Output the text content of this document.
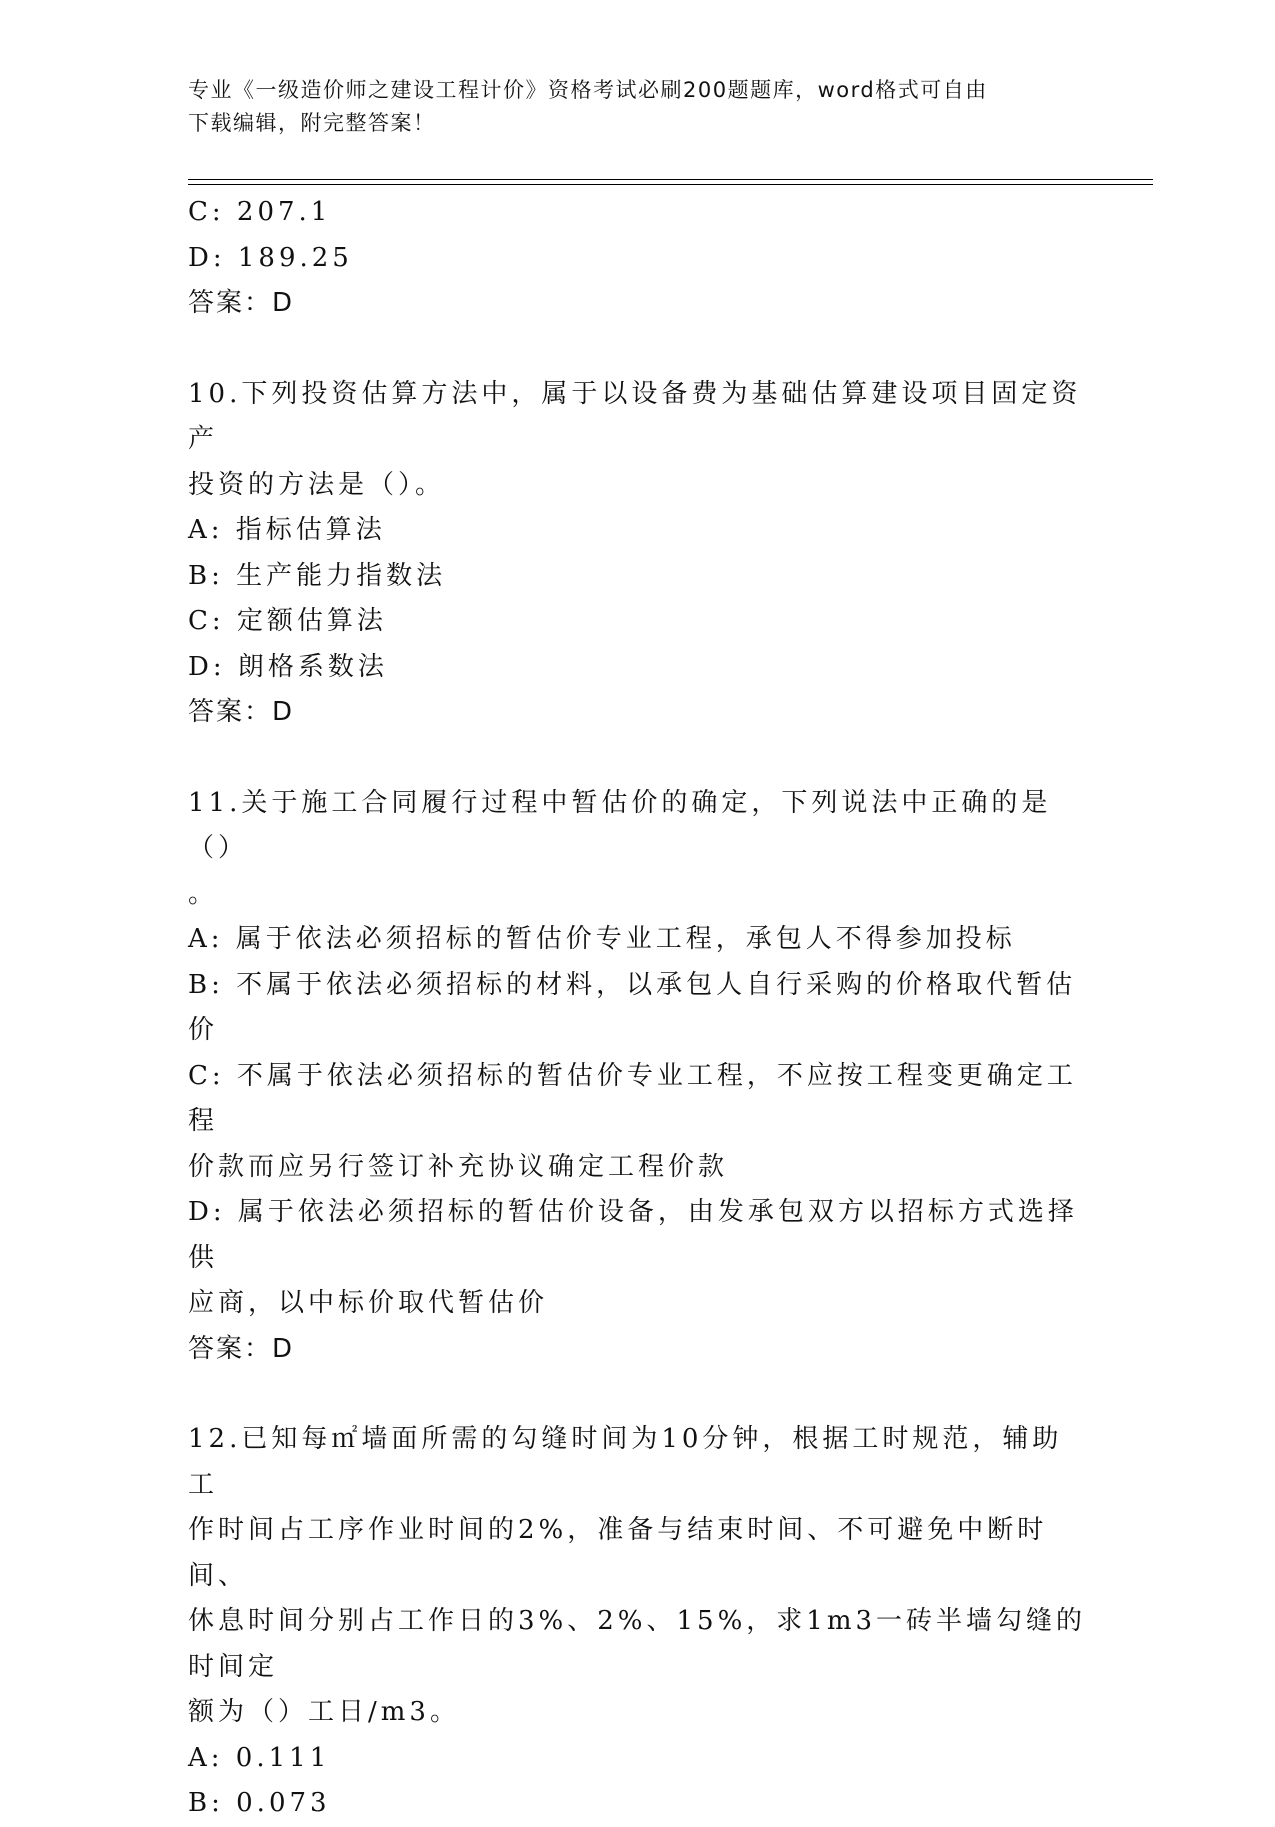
专业《一级造价师之建设工程计价》资格考试必刷200题题库，word格式可自由
下载编辑，附完整答案！
C: 207.1
D: 189.25
答案：D
10.下列投资估算方法中，属于以设备费为基础估算建设项目固定资产
投资的方法是（）。
A: 指标估算法
B: 生产能力指数法
C: 定额估算法
D: 朗格系数法
答案：D
11.关于施工合同履行过程中暂估价的确定，下列说法中正确的是（）
。
A: 属于依法必须招标的暂估价专业工程，承包人不得参加投标
B: 不属于依法必须招标的材料，以承包人自行采购的价格取代暂估价
C: 不属于依法必须招标的暂估价专业工程，不应按工程变更确定工程
价款而应另行签订补充协议确定工程价款
D: 属于依法必须招标的暂估价设备，由发承包双方以招标方式选择供
应商，以中标价取代暂估价
答案：D
12.已知每㎡墙面所需的勾缝时间为10分钟，根据工时规范，辅助工
作时间占工序作业时间的2%，准备与结束时间、不可避免中断时间、
休息时间分别占工作日的3%、2%、15%，求1m3一砖半墙勾缝的时间定
额为（）工日/m3。
A: 0.111
B: 0.073
